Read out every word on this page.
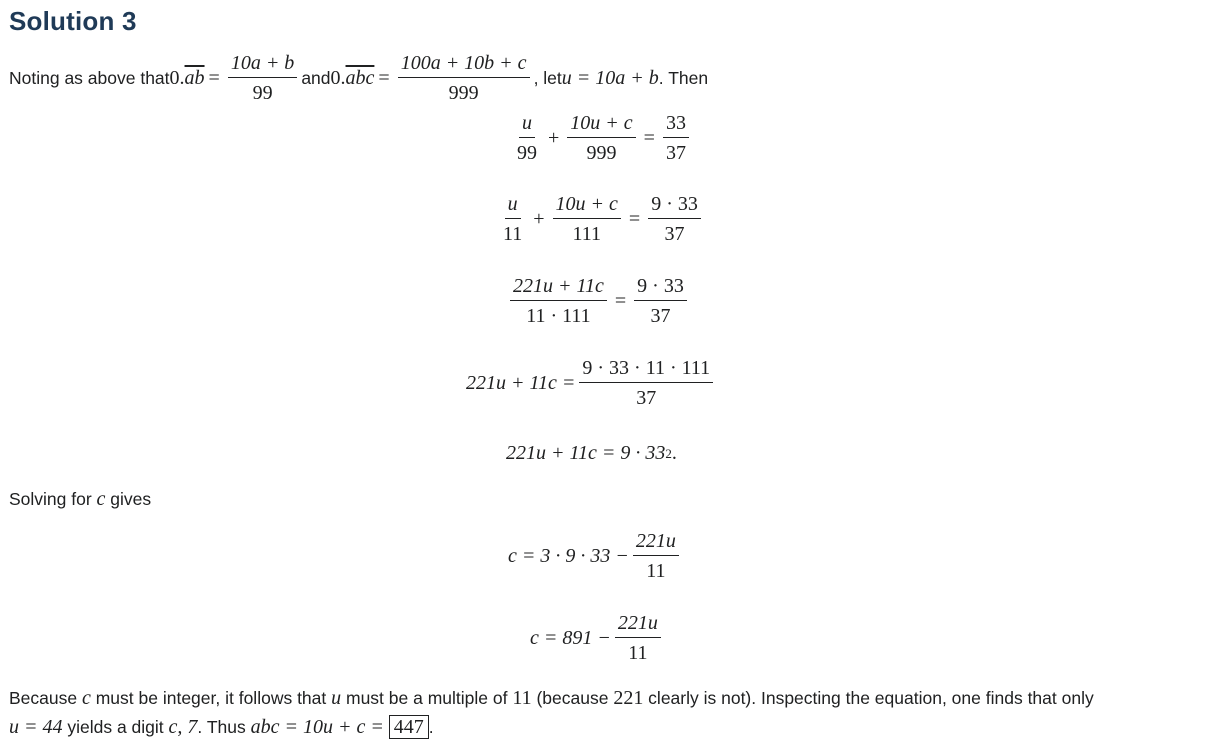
Solution 3
Noting as above that $0.\overline{ab} = \frac{10a + b}{99}$ and $0.\overline{abc} = \frac{100a + 10b + c}{999}$ , let u = 10a + b . Then
$\frac{u}{99} + \frac{10u + c}{999} = \frac{33}{37}$
$\frac{u}{11} + \frac{10u + c}{111} = \frac{9 \cdot 33}{37}$
$\frac{221u + 11c}{11 \cdot 111} = \frac{9 \cdot 33}{37}$
$221u + 11c = \frac{9 \cdot 33 \cdot 11 \cdot 111}{37}$
221u + 11c = 9 · 33 2 .
Solving for c gives
$c = 3 \cdot 9 \cdot 33 - \frac{221u}{11}$
$c = 891 - \frac{221u}{11}$
Because c must be integer, it follows that u must be a multiple of 11 (because 221 clearly is not). Inspecting the equation, one finds that only
u = 44 yields a digit c, 7. Thus abc = 10u + c = 447 .
